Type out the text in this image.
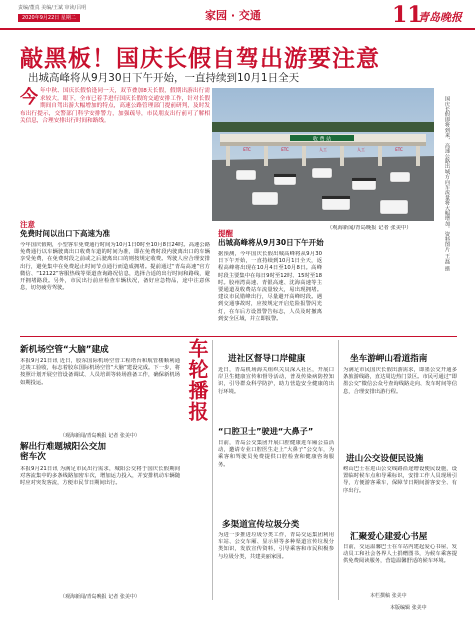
责编/董真 美编/王斌 审读/吕明
2020年9月22日 星期二	家园 · 交通	11
青岛晚报
敲黑板！国庆长假自驾出游要注意
出城高峰将从9月30日下午开始，一直持续到10月1日全天
今 年中秋、国庆长假恰逢同一天，双节叠加8天长假，假期出游出行需求较大。眼下，全市已着手进行国庆长假的交通安排工作，针对长假期间自驾出游大幅增加的特点，高速公路管理部门提前研判，及时发布出行提示，交警部门科学安排警力，加强疏导，市民朋友出行前可了解相关信息，合理安排出行时间和路线。
收 费 站
ETC	ETC	人工	人工	ETC	国庆长假即将到来，高速公路出城方向车流量将大幅增加。资料图片 王磊 摄
注意
免费时间以出口下高速为准
今年国庆假期，小型客车免费通行时间为10月1日0时至10月8日24时。高速公路免费通行以车辆驶离出口收费车道的时间为准，即在免费时段内驶离出口的车辆享受免费，在免费时段之前或之后驶离出口的则按规定收费。驾驶人应合理安排出行，避免集中在免费起止时间节点通行而造成拥堵。提前通过“青岛高速”官方微信、“12122”客服热线等渠道查询路况信息，选择合适的出行时间和路线，避开拥堵路段。另外，市民出行前应检查车辆状况，备好应急物品，途中注意休息，切勿疲劳驾驶。
提醒
出城高峰将从9月30日下午开始
据预测，今年国庆长假出城高峰将从9月30日下午开始，一直持续到10月1日全天，返程高峰将出现在10月4日至10月8日。高峰时段主要集中在每日9时至12时、15时至18时。胶州湾高速、青银高速、沈海高速等主要通道及收费站车流量较大，易出现拥堵。建议市民错峰出行，尽量避开高峰时段。遇到交通事故时，应按规定开启危险报警闪光灯，在车后方设置警告标志，人员及时撤离到安全区域，并立即报警。
（观海新闻/青岛晚报 记者 张美中）
新机场空管“大脑”建成
本报9月21日讯 近日，胶东国际机场空管工程塔台和航管楼顺利通过竣工验收，标志着胶东国际机场空管“大脑”建设完成。下一步，将按照计划开展空管设备调试、人员培训等转场准备工作，确保新机场如期投运。
（观海新闻/青岛晚报 记者 张美中）
解出行难题城阳公交加密车次
本报9月21日讯 为满足市民出行需求，城阳公交将于国庆长假期间对客流集中的多条线路加密车次，增加运力投入，并安排机动车辆随时应对突发客流，方便市民节日期间出行。
（观海新闻/青岛晚报 记者 张美中）
车轮播报 进社区督导口岸健康
近日，青岛机场海关组织关员深入社区，开展口岸卫生健康宣传和督导活动，普及传染病防控知识，引导群众科学防护，助力营造安全健康的出行环境。
“口腔卫士”驶进“大鼻子”
日前，青岛公交集团开展口腔健康进车厢公益活动，邀请专业口腔医生走上“大鼻子”公交车，为乘客和驾驶员免费提供口腔检查和健康咨询服务。
多渠道宣传垃圾分类
为进一步推进垃圾分类工作，青岛交运集团利用车站、公交车厢、显示屏等多种渠道宣传垃圾分类知识，发放宣传资料，引导乘客和市民积极参与垃圾分类，共建美丽家园。
坐车游岬山看道指南
为满足市民国庆长假出游需求，即墨公交开通多条旅游线路，直达周边热门景区。市民可通过“即墨公交”微信公众号查询线路走向、发车时间等信息，合理安排出游行程。
进山公交设便民设施
崂山巴士在进山公交线路沿途增设便民设施，设置临时候车点和导乘标识，安排工作人员现场引导，方便游客乘车，保障节日期间游客安全、有序出行。
汇聚爱心建爱心书屋
日前，交运温馨巴士在车站内建起爱心书屋，发动员工和社会各界人士捐赠图书，为候车乘客提供免费阅读服务，营造温馨舒适的候车环境。
本栏撰稿 张美中
本版编辑 张美中
